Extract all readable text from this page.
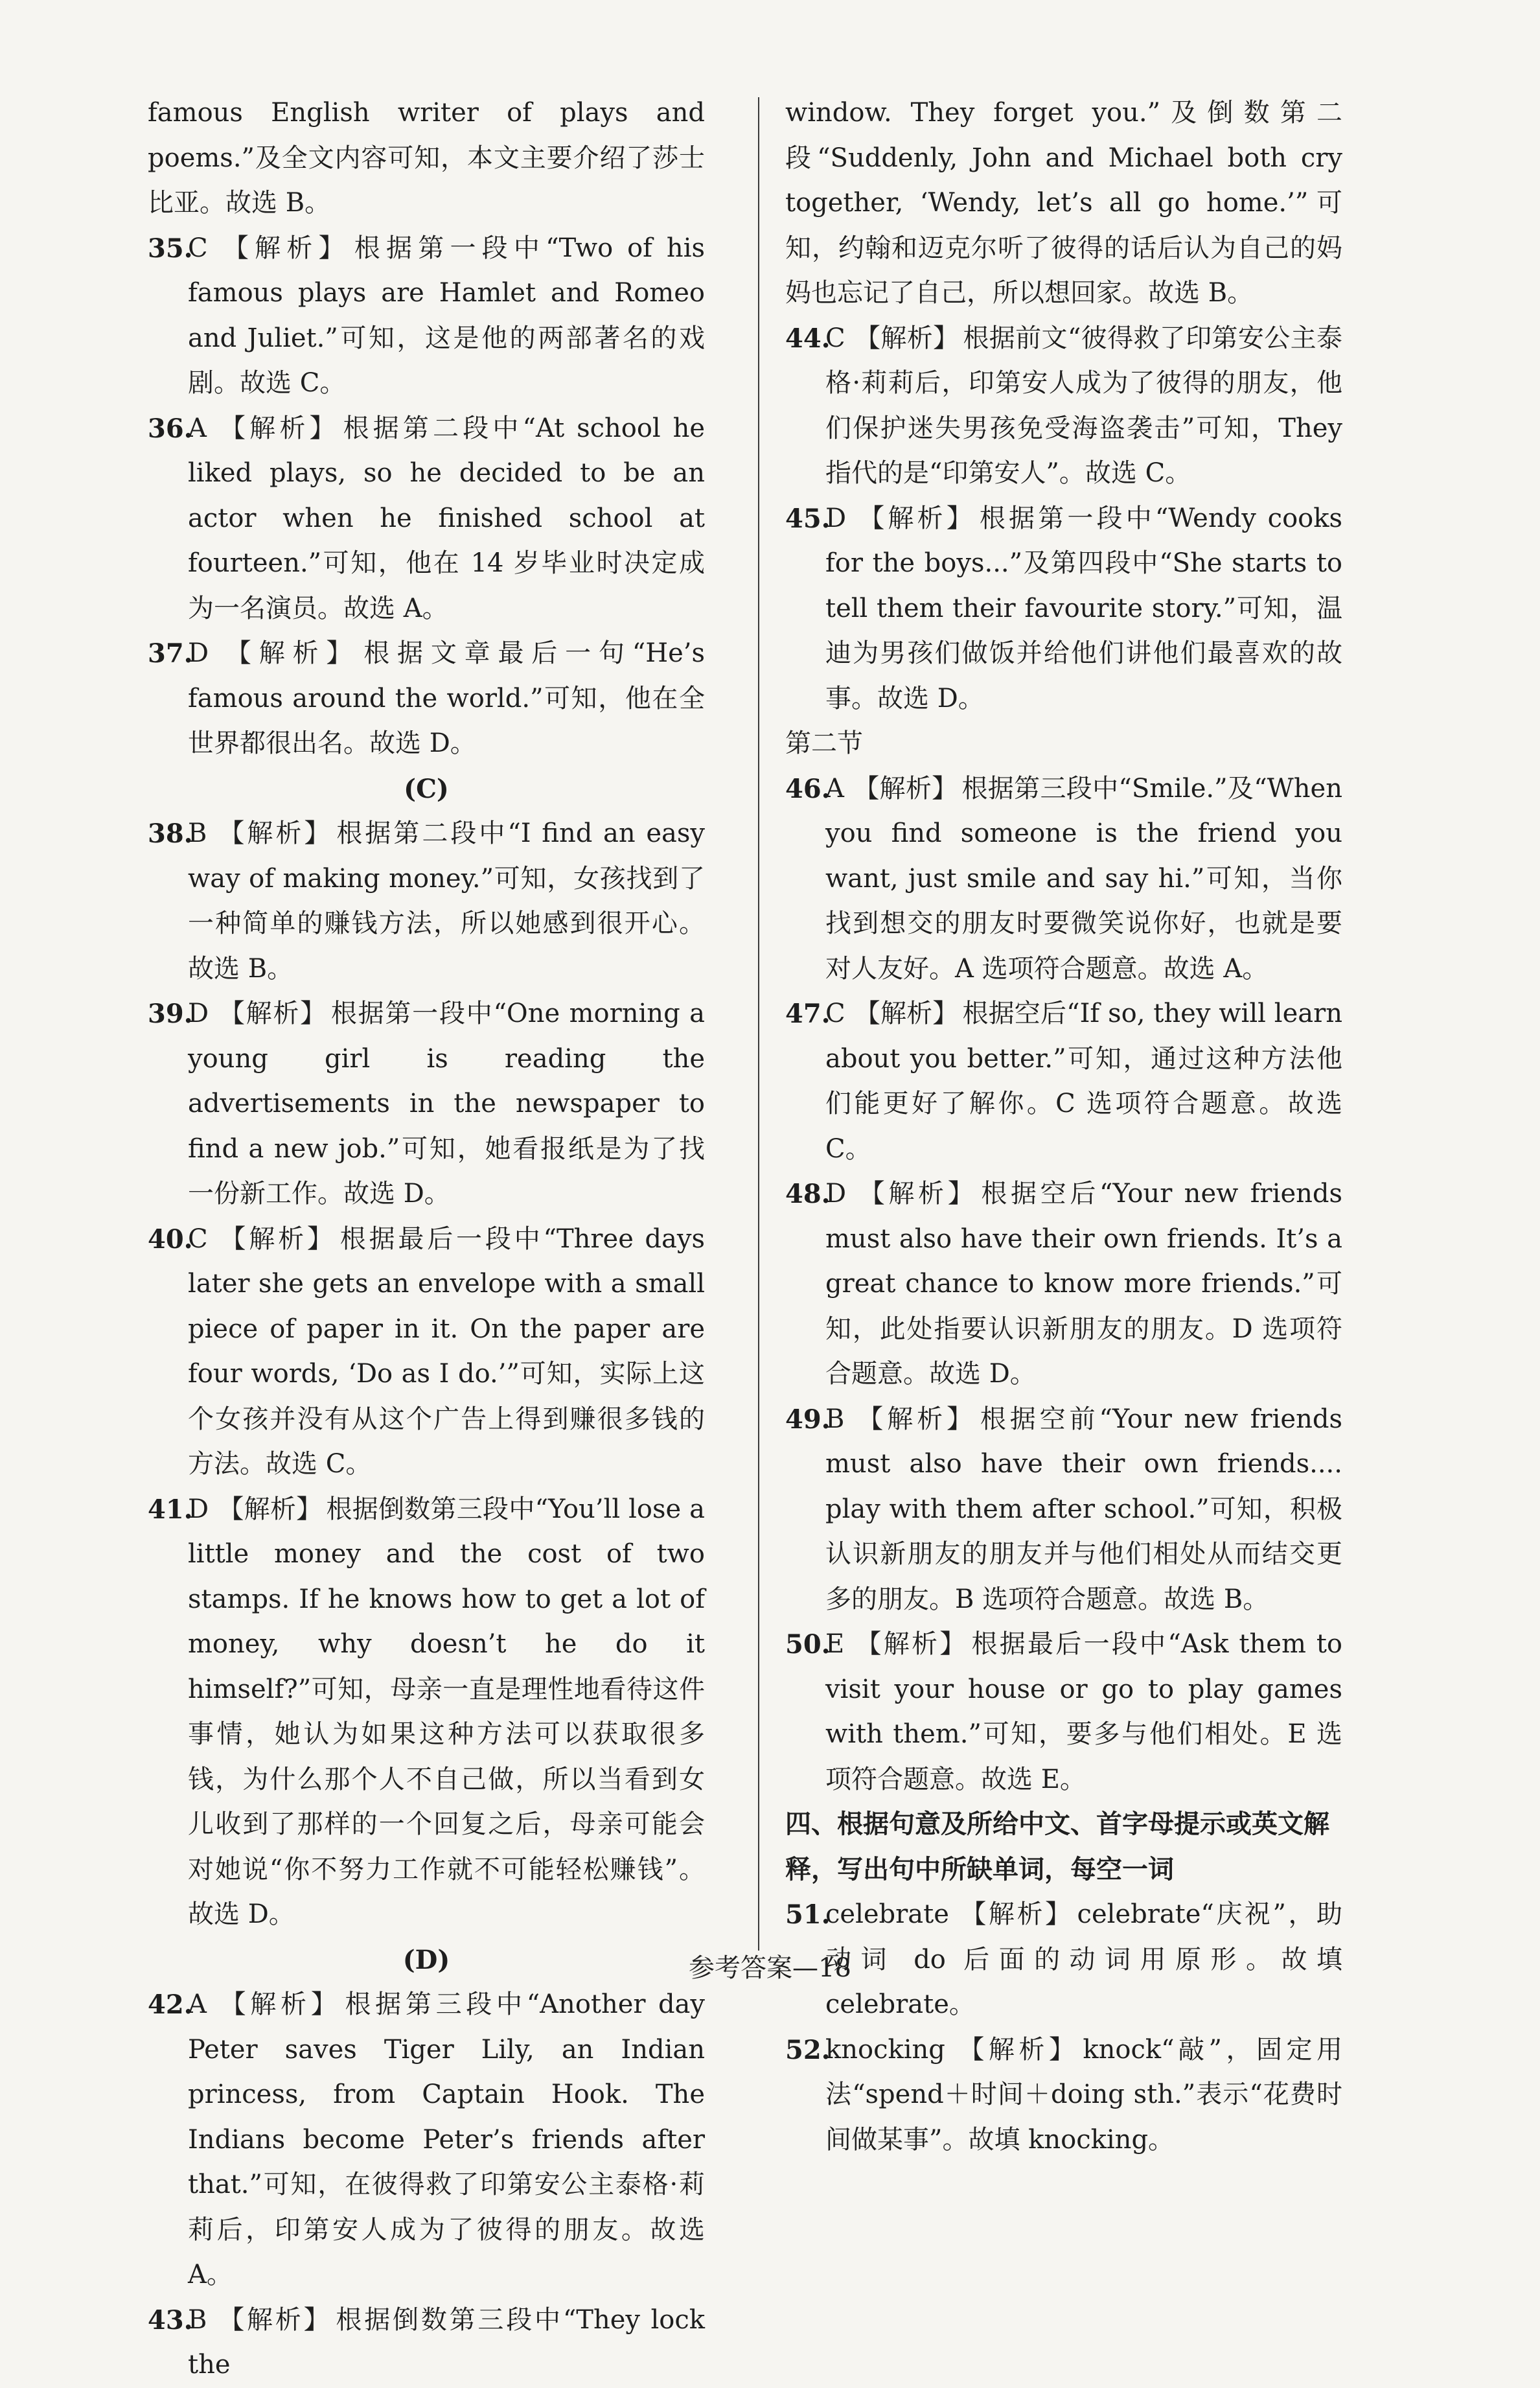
famous English writer of plays and poems.”及全文内容可知，本文主要介绍了莎士比亚。故选 B。

35.
C 【解析】 根据第一段中“Two of his famous plays are Hamlet and Romeo and Juliet.”可知，这是他的两部著名的戏剧。故选 C。
36.
A 【解析】 根据第二段中“At school he liked plays, so he decided to be an actor when he finished school at fourteen.”可知，他在 14 岁毕业时决定成为一名演员。故选 A。
37.
D 【解析】 根据文章最后一句“He’s famous around the world.”可知，他在全世界都很出名。故选 D。

(C)

38.
B 【解析】 根据第二段中“I find an easy way of making money.”可知，女孩找到了一种简单的赚钱方法，所以她感到很开心。故选 B。
39.
D 【解析】 根据第一段中“One morning a young girl is reading the advertisements in the newspaper to find a new job.”可知，她看报纸是为了找一份新工作。故选 D。
40.
C 【解析】 根据最后一段中“Three days later she gets an envelope with a small piece of paper in it. On the paper are four words, ‘Do as I do.’”可知，实际上这个女孩并没有从这个广告上得到赚很多钱的方法。故选 C。
41.
D 【解析】 根据倒数第三段中“You’ll lose a little money and the cost of two stamps. If he knows how to get a lot of money, why doesn’t he do it himself?”可知，母亲一直是理性地看待这件事情，她认为如果这种方法可以获取很多钱，为什么那个人不自己做，所以当看到女儿收到了那样的一个回复之后，母亲可能会对她说“你不努力工作就不可能轻松赚钱”。故选 D。

(D)

42.
A 【解析】 根据第三段中“Another day Peter saves Tiger Lily, an Indian princess, from Captain Hook. The Indians become Peter’s friends after that.”可知，在彼得救了印第安公主泰格·莉莉后，印第安人成为了彼得的朋友。故选 A。
43.
B 【解析】 根据倒数第三段中“They lock the

window. They forget you.”及倒数第二段“Suddenly, John and Michael both cry together, ‘Wendy, let’s all go home.’”可知，约翰和迈克尔听了彼得的话后认为自己的妈妈也忘记了自己，所以想回家。故选 B。

44.
C 【解析】 根据前文“彼得救了印第安公主泰格·莉莉后，印第安人成为了彼得的朋友，他们保护迷失男孩免受海盗袭击”可知，They 指代的是“印第安人”。故选 C。
45.
D 【解析】 根据第一段中“Wendy cooks for the boys...”及第四段中“She starts to tell them their favourite story.”可知，温迪为男孩们做饭并给他们讲他们最喜欢的故事。故选 D。

第二节

46.
A 【解析】 根据第三段中“Smile.”及“When you find someone is the friend you want, just smile and say hi.”可知，当你找到想交的朋友时要微笑说你好，也就是要对人友好。A 选项符合题意。故选 A。
47.
C 【解析】 根据空后“If so, they will learn about you better.”可知，通过这种方法他们能更好了解你。C 选项符合题意。故选 C。
48.
D 【解析】 根据空后“Your new friends must also have their own friends. It’s a great chance to know more friends.”可知，此处指要认识新朋友的朋友。D 选项符合题意。故选 D。
49.
B 【解析】 根据空前“Your new friends must also have their own friends.... play with them after school.”可知，积极认识新朋友的朋友并与他们相处从而结交更多的朋友。B 选项符合题意。故选 B。
50.
E 【解析】 根据最后一段中“Ask them to visit your house or go to play games with them.”可知，要多与他们相处。E 选项符合题意。故选 E。

四、根据句意及所给中文、首字母提示或英文解释，写出句中所缺单词，每空一词

51.
celebrate 【解析】 celebrate“庆祝”，助动词 do 后面的动词用原形。故填 celebrate。
52.
knocking 【解析】 knock“敲”，固定用法“spend＋时间＋doing sth.”表示“花费时间做某事”。故填 knocking。
参考答案—18
